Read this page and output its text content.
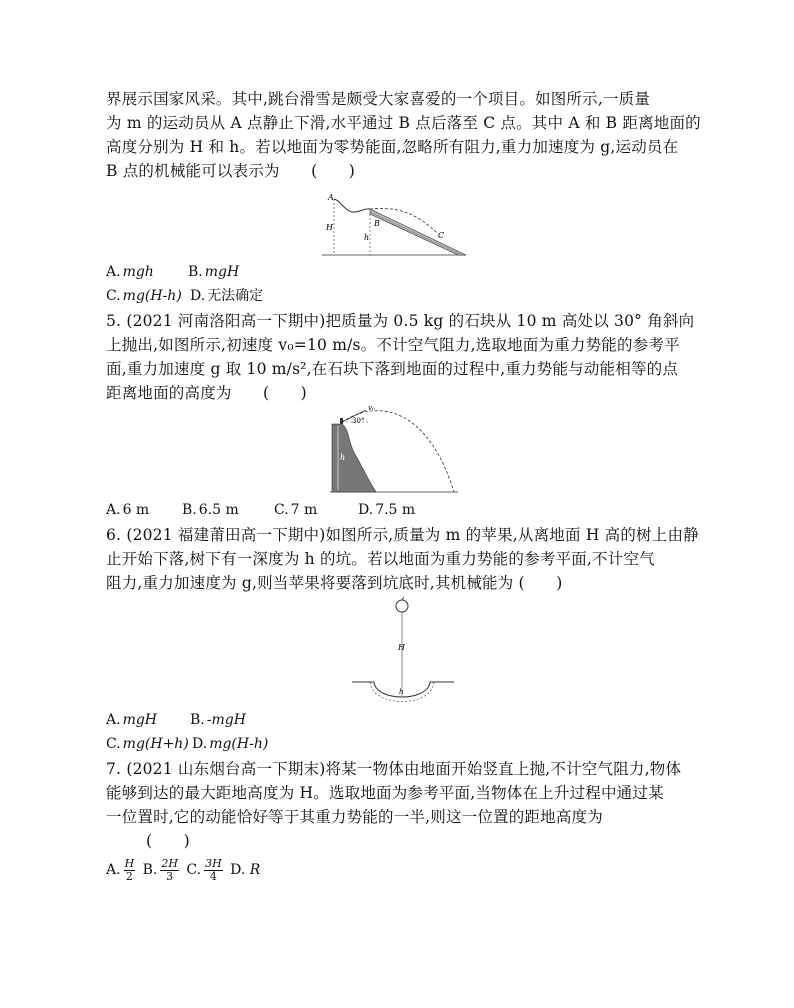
界展示国家风采。其中,跳台滑雪是颇受大家喜爱的一个项目。如图所示,一质量
为 m 的运动员从 A 点静止下滑,水平通过 B 点后落至 C 点。其中 A 和 B 距离地面的
高度分别为 H 和 h。若以地面为零势能面,忽略所有阻力,重力加速度为 g,运动员在
B 点的机械能可以表示为　　(　　)
A
B
C
H
h
A. mgh B. mgH
C. mg(H-h) D. 无法确定
5. (2021 河南洛阳高一下期中)把质量为 0.5 kg 的石块从 10 m 高处以 30° 角斜向
上抛出,如图所示,初速度 v₀=10 m/s。不计空气阻力,选取地面为重力势能的参考平
面,重力加速度 g 取 10 m/s²,在石块下落到地面的过程中,重力势能与动能相等的点
距离地面的高度为　　(　　)
v₀
30°
h
A. 6 m B. 6.5 m	C. 7 m	D. 7.5 m
6. (2021 福建莆田高一下期中)如图所示,质量为 m 的苹果,从离地面 H 高的树上由静
止开始下落,树下有一深度为 h 的坑。若以地面为重力势能的参考平面,不计空气
阻力,重力加速度为 g,则当苹果将要落到坑底时,其机械能为 (　　)
H
h
A. mgH B. -mgH
C. mg(H+h) D. mg(H-h)
7. (2021 山东烟台高一下期末)将某一物体由地面开始竖直上抛,不计空气阻力,物体
能够到达的最大距地高度为 H。选取地面为参考平面,当物体在上升过程中通过某
一位置时,它的动能恰好等于其重力势能的一半,则这一位置的距地高度为
(　　)
A. $\frac{H}{2} B$. $\frac{2H}{3} C$. $\frac{3H}{4} D$. R
